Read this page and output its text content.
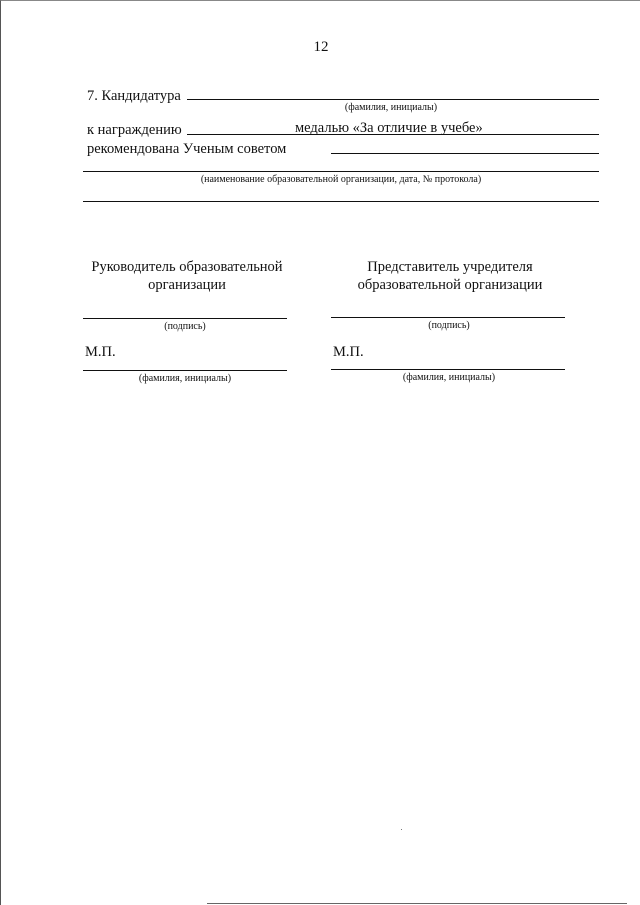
12
7. Кандидатура
(фамилия, инициалы)
к награждению	медалью «За отличие в учебе»
рекомендована Ученым советом
(наименование образовательной организации, дата, № протокола)
Руководитель образовательной
организации
(подпись)
М.П.
(фамилия, инициалы)
Представитель учредителя
образовательной организации
(подпись)
М.П.
(фамилия, инициалы)
